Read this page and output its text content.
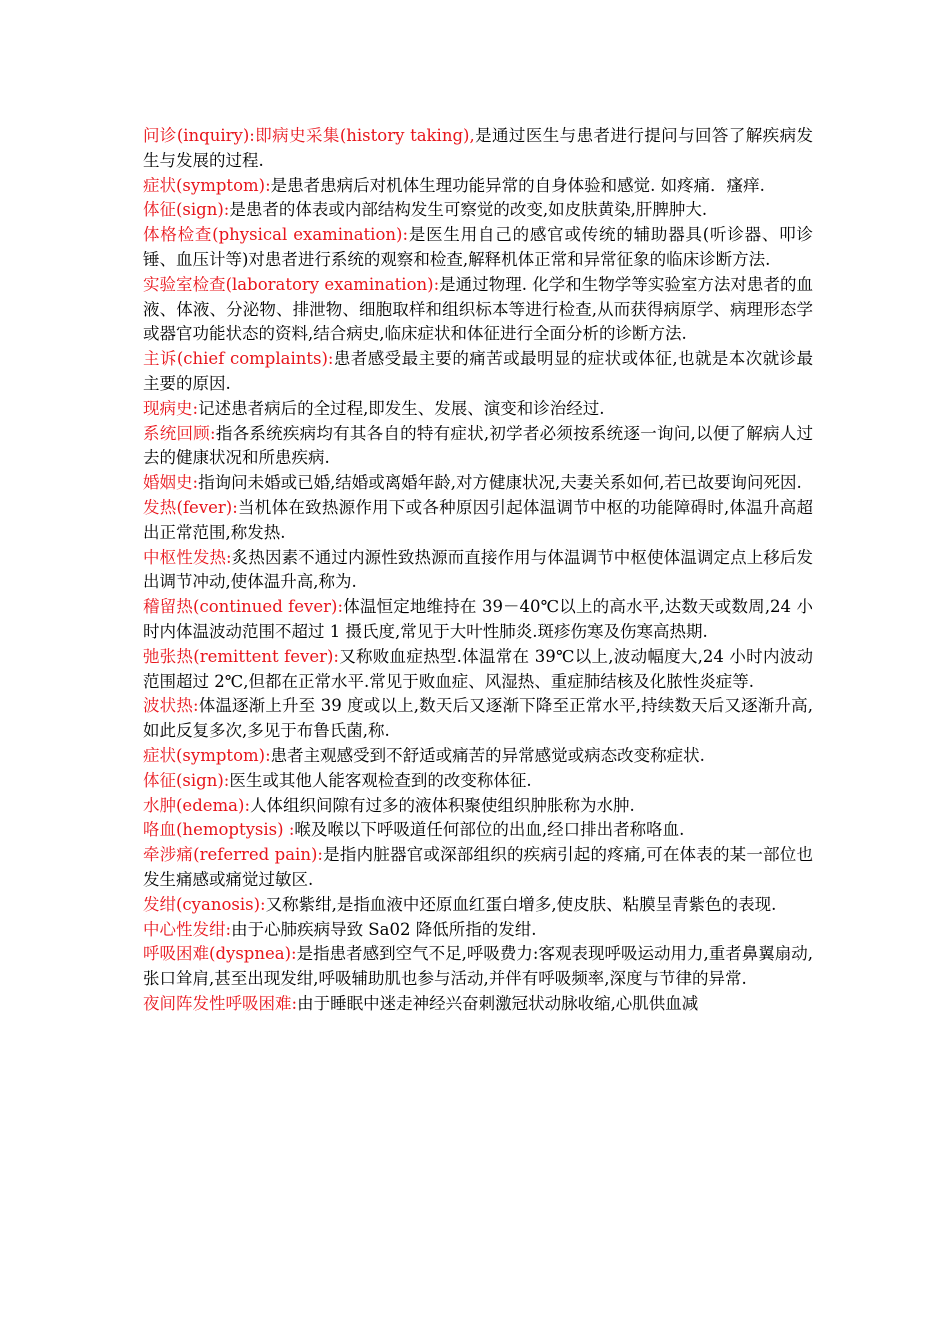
问诊(inquiry):即病史采集(history taking),是通过医生与患者进行提问与回答了解疾病发生与发展的过程.

症状(symptom):是患者患病后对机体生理功能异常的自身体验和感觉. 如疼痛．瘙痒.

体征(sign):是患者的体表或内部结构发生可察觉的改变,如皮肤黄染,肝脾肿大.

体格检查(physical examination):是医生用自己的感官或传统的辅助器具(听诊器、叩诊锤、血压计等)对患者进行系统的观察和检查,解释机体正常和异常征象的临床诊断方法.

实验室检查(laboratory examination):是通过物理. 化学和生物学等实验室方法对患者的血液、体液、分泌物、排泄物、细胞取样和组织标本等进行检查,从而获得病原学、病理形态学或器官功能状态的资料,结合病史,临床症状和体征进行全面分析的诊断方法.

主诉(chief complaints):患者感受最主要的痛苦或最明显的症状或体征,也就是本次就诊最主要的原因.

现病史:记述患者病后的全过程,即发生、发展、演变和诊治经过.

系统回顾:指各系统疾病均有其各自的特有症状,初学者必须按系统逐一询问,以便了解病人过去的健康状况和所患疾病.

婚姻史:指询问未婚或已婚,结婚或离婚年龄,对方健康状况,夫妻关系如何,若已故要询问死因.

发热(fever):当机体在致热源作用下或各种原因引起体温调节中枢的功能障碍时,体温升高超出正常范围,称发热.

中枢性发热:炙热因素不通过内源性致热源而直接作用与体温调节中枢使体温调定点上移后发出调节冲动,使体温升高,称为.

稽留热(continued fever):体温恒定地维持在 39－40℃以上的高水平,达数天或数周,24 小时内体温波动范围不超过 1 摄氏度,常见于大叶性肺炎.斑疹伤寒及伤寒高热期.

弛张热(remittent fever):又称败血症热型.体温常在 39℃以上,波动幅度大,24 小时内波动范围超过 2℃,但都在正常水平.常见于败血症、风湿热、重症肺结核及化脓性炎症等.

波状热:体温逐渐上升至 39 度或以上,数天后又逐渐下降至正常水平,持续数天后又逐渐升高,如此反复多次,多见于布鲁氏菌,称.

症状(symptom):患者主观感受到不舒适或痛苦的异常感觉或病态改变称症状.

体征(sign):医生或其他人能客观检查到的改变称体征.

水肿(edema):人体组织间隙有过多的液体积聚使组织肿胀称为水肿.

咯血(hemoptysis) :喉及喉以下呼吸道任何部位的出血,经口排出者称咯血.

牵涉痛(referred pain):是指内脏器官或深部组织的疾病引起的疼痛,可在体表的某一部位也发生痛感或痛觉过敏区.

发绀(cyanosis):又称紫绀,是指血液中还原血红蛋白增多,使皮肤、粘膜呈青紫色的表现.

中心性发绀:由于心肺疾病导致 Sa02 降低所指的发绀.

呼吸困难(dyspnea):是指患者感到空气不足,呼吸费力:客观表现呼吸运动用力,重者鼻翼扇动,张口耸肩,甚至出现发绀,呼吸辅助肌也参与活动,并伴有呼吸频率,深度与节律的异常.

夜间阵发性呼吸困难:由于睡眠中迷走神经兴奋刺激冠状动脉收缩,心肌供血减
